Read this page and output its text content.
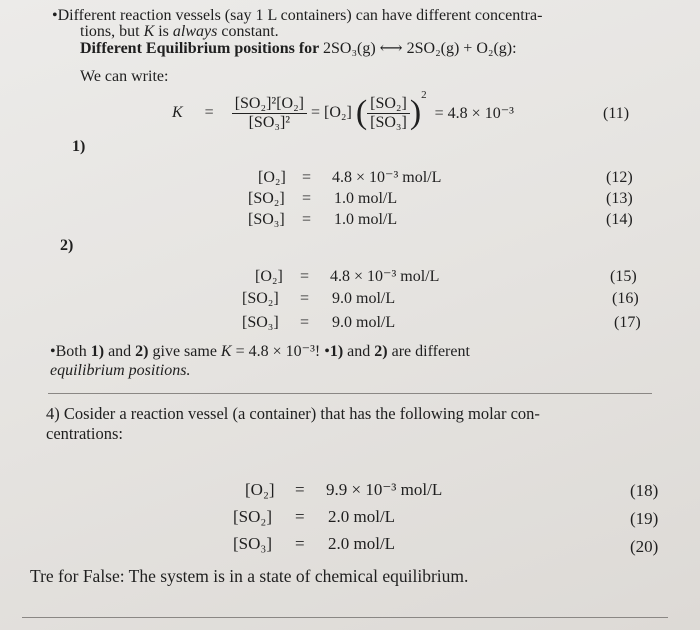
•Different reaction vessels (say 1 L containers) can have different concentra-
tions, but K is always constant.
Different Equilibrium positions for 2SO₃(g) ⟷ 2SO₂(g) + O₂(g):
We can write:
$K = \frac{\text{[SO₂]²[O₂]}}{\text{[SO₃]²}} = [O_2]$ ( $\frac{\text{[SO₂]}}{\text{[SO₃]}}$ ) 2
= 4.8 × 10⁻³	(11)
1)
[O₂] = 4.8 × 10⁻³ mol/L	(12)
[SO₂] = 1.0 mol/L	(13)
[SO₃] = 1.0 mol/L	(14)
2)
[O₂] = 4.8 × 10⁻³ mol/L	(15)
[SO₂] = 9.0 mol/L	(16)
[SO₃] = 9.0 mol/L	(17)
•Both 1) and 2) give same K = 4.8 × 10⁻³! •1) and 2) are different
equilibrium positions.
4) Cosider a reaction vessel (a container) that has the following molar con-
centrations:
[O₂] = 9.9 × 10⁻³ mol/L	(18)
[SO₂] = 2.0 mol/L	(19)
[SO₃] = 2.0 mol/L	(20)
Tre for False: The system is in a state of chemical equilibrium.
